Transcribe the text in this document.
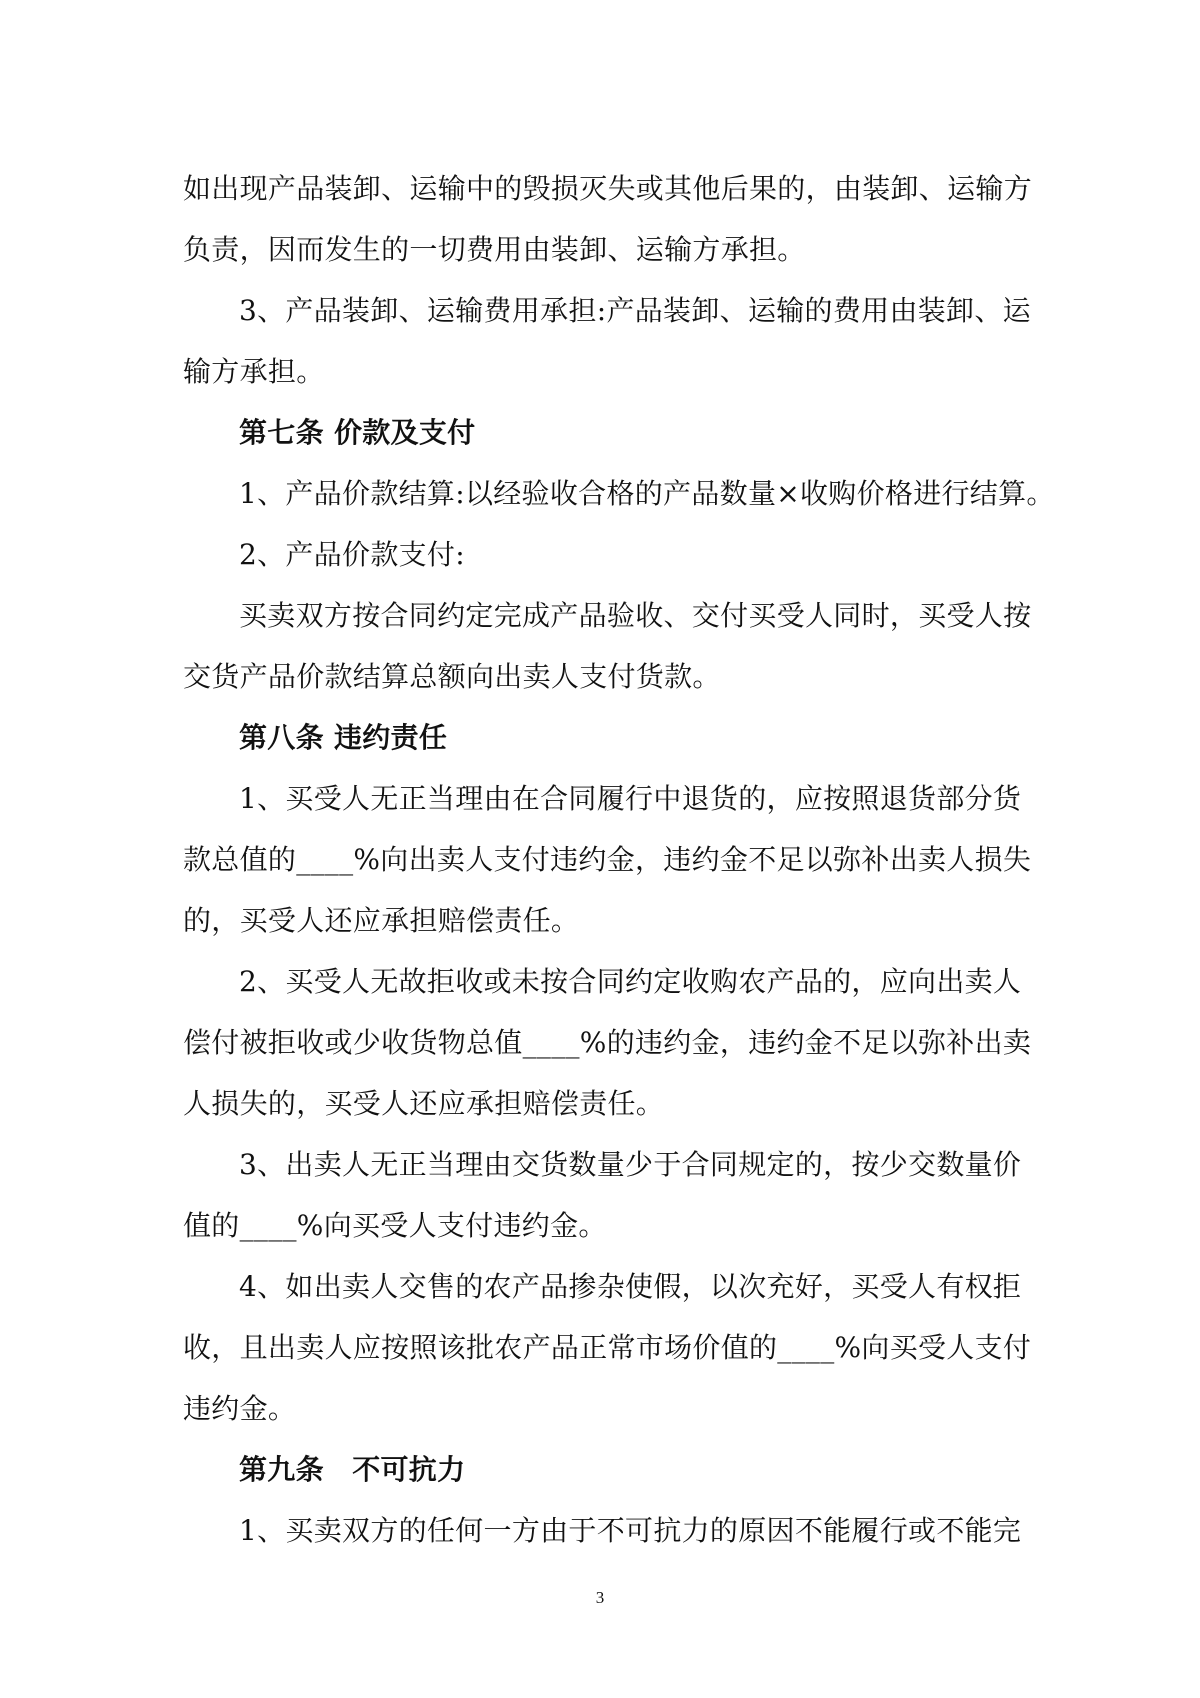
如出现产品装卸、运输中的毁损灭失或其他后果的，由装卸、运输方
负责，因而发生的一切费用由装卸、运输方承担。
3、产品装卸、运输费用承担:产品装卸、运输的费用由装卸、运
输方承担。
第七条 价款及支付
1、产品价款结算:以经验收合格的产品数量×收购价格进行结算。
2、产品价款支付:
买卖双方按合同约定完成产品验收、交付买受人同时，买受人按
交货产品价款结算总额向出卖人支付货款。
第八条 违约责任
1、买受人无正当理由在合同履行中退货的，应按照退货部分货
款总值的____%向出卖人支付违约金，违约金不足以弥补出卖人损失
的，买受人还应承担赔偿责任。
2、买受人无故拒收或未按合同约定收购农产品的，应向出卖人
偿付被拒收或少收货物总值____%的违约金，违约金不足以弥补出卖
人损失的，买受人还应承担赔偿责任。
3、出卖人无正当理由交货数量少于合同规定的，按少交数量价
值的____%向买受人支付违约金。
4、如出卖人交售的农产品掺杂使假，以次充好，买受人有权拒
收，且出卖人应按照该批农产品正常市场价值的____%向买受人支付
违约金。
第九条　不可抗力
1、买卖双方的任何一方由于不可抗力的原因不能履行或不能完
3
